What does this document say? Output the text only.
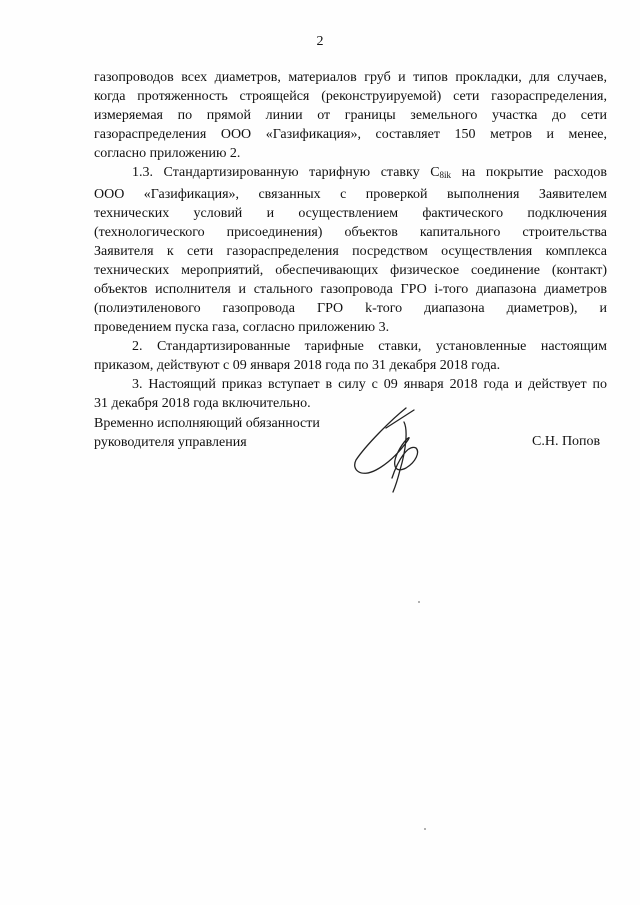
2

газопроводов всех диаметров, материалов груб и типов прокладки, для случаев,
когда протяженность строящейся (реконструируемой) сети газораспределения,
измеряемая по прямой линии от границы земельного участка до сети
газораспределения ООО «Газификация», составляет 150 метров и менее,
согласно приложению 2.

1.3. Стандартизированную тарифную ставку $С_{8ik}$ на покрытие расходов
ООО «Газификация», связанных с проверкой выполнения Заявителем
технических условий и осуществлением фактического подключения
(технологического присоединения) объектов капитального строительства
Заявителя к сети газораспределения посредством осуществления комплекса
технических мероприятий, обеспечивающих физическое соединение (контакт)
объектов исполнителя и стального газопровода ГРО i-того диапазона диаметров
(полиэтиленового газопровода ГРО k-того диапазона диаметров), и
проведением пуска газа, согласно приложению 3.

2. Стандартизированные тарифные ставки, установленные настоящим
приказом, действуют с 09 января 2018 года по 31 декабря 2018 года.

3. Настоящий приказ вступает в силу с 09 января 2018 года и действует по
31 декабря 2018 года включительно.

Временно исполняющий обязанности
руководителя управления	С.Н. Попов
